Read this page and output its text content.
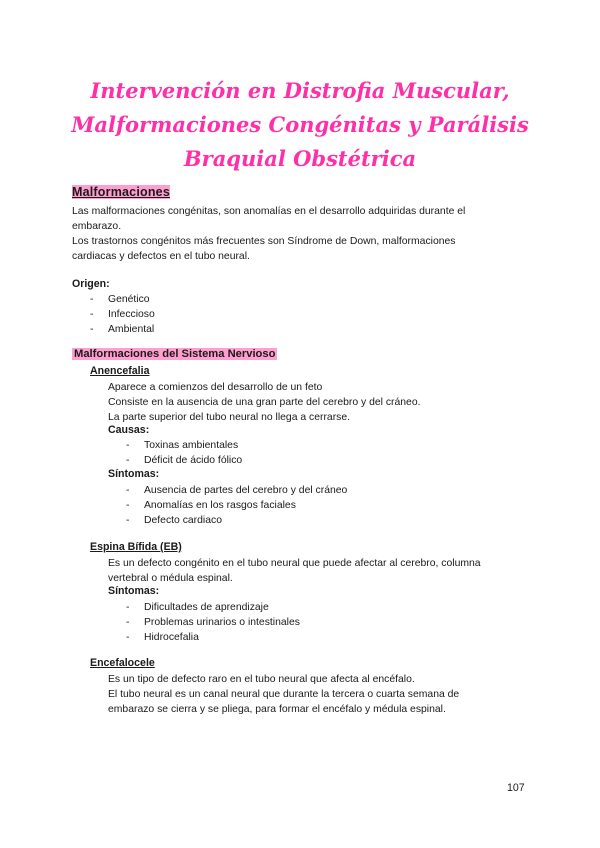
Intervención en Distrofia Muscular,
Malformaciones Congénitas y Parálisis
Braquial Obstétrica
Malformaciones

Las malformaciones congénitas, son anomalías en el desarrollo adquiridas durante el
embarazo.
Los trastornos congénitos más frecuentes son Síndrome de Down, malformaciones
cardiacas y defectos en el tubo neural.

Origen:
- Genético
- Infeccioso
- Ambiental
Malformaciones del Sistema Nervioso
Anencefalia

Aparece a comienzos del desarrollo de un feto
Consiste en la ausencia de una gran parte del cerebro y del cráneo.
La parte superior del tubo neural no llega a cerrarse.

Causas:
- Toxinas ambientales
- Déficit de ácido fólico
Síntomas:
- Ausencia de partes del cerebro y del cráneo
- Anomalías en los rasgos faciales
- Defecto cardiaco
Espina Bífida (EB)

Es un defecto congénito en el tubo neural que puede afectar al cerebro, columna
vertebral o médula espinal.

Síntomas:
- Dificultades de aprendizaje
- Problemas urinarios o intestinales
- Hidrocefalia
Encefalocele

Es un tipo de defecto raro en el tubo neural que afecta al encéfalo.
El tubo neural es un canal neural que durante la tercera o cuarta semana de
embarazo se cierra y se pliega, para formar el encéfalo y médula espinal.

107
